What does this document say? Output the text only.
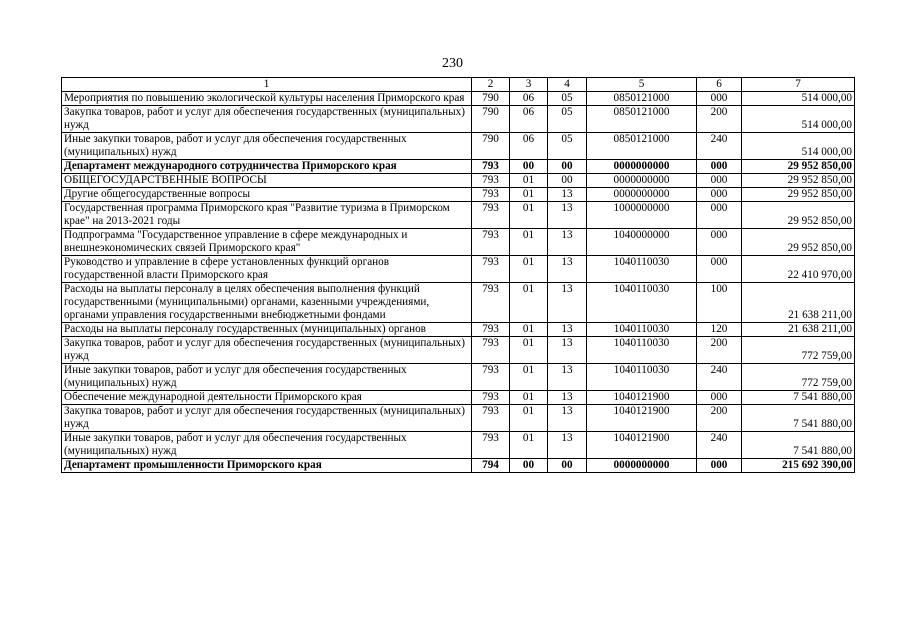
230
1	2	3	4	5	6	7
Мероприятия по повышению экологической культуры населения Приморского края	790	06	05	0850121000	000	514 000,00
Закупка товаров, работ и услуг для обеспечения государственных (муниципальных) нужд	790	06	05	0850121000	200	514 000,00
Иные закупки товаров, работ и услуг для обеспечения государственных (муниципальных) нужд	790	06	05	0850121000	240	514 000,00
Департамент международного сотрудничества Приморского края	793	00	00	0000000000	000	29 952 850,00
ОБЩЕГОСУДАРСТВЕННЫЕ ВОПРОСЫ	793	01	00	0000000000	000	29 952 850,00
Другие общегосударственные вопросы	793	01	13	0000000000	000	29 952 850,00
Государственная программа Приморского края "Развитие туризма в Приморском крае" на 2013-2021 годы	793	01	13	1000000000	000	29 952 850,00
Подпрограмма "Государственное управление в сфере международных и внешнеэкономических связей Приморского края"	793	01	13	1040000000	000	29 952 850,00
Руководство и управление в сфере установленных функций органов государственной власти Приморского края	793	01	13	1040110030	000	22 410 970,00
Расходы на выплаты персоналу в целях обеспечения выполнения функций государственными (муниципальными) органами, казенными учреждениями, органами управления государственными внебюджетными фондами	793	01	13	1040110030	100	21 638 211,00
Расходы на выплаты персоналу государственных (муниципальных) органов	793	01	13	1040110030	120	21 638 211,00
Закупка товаров, работ и услуг для обеспечения государственных (муниципальных) нужд	793	01	13	1040110030	200	772 759,00
Иные закупки товаров, работ и услуг для обеспечения государственных (муниципальных) нужд	793	01	13	1040110030	240	772 759,00
Обеспечение международной деятельности Приморского края	793	01	13	1040121900	000	7 541 880,00
Закупка товаров, работ и услуг для обеспечения государственных (муниципальных) нужд	793	01	13	1040121900	200	7 541 880,00
Иные закупки товаров, работ и услуг для обеспечения государственных (муниципальных) нужд	793	01	13	1040121900	240	7 541 880,00
Департамент промышленности Приморского края	794	00	00	0000000000	000	215 692 390,00
